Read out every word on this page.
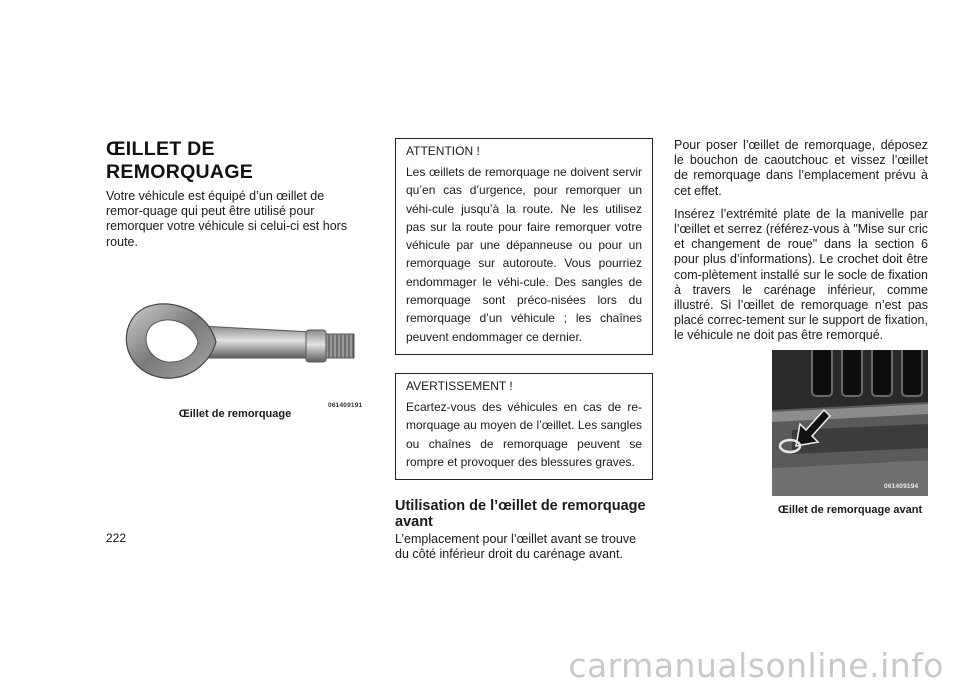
ŒILLET DE REMORQUAGE

Votre véhicule est équipé d’un œillet de remor-quage qui peut être utilisé pour remorquer votre véhicule si celui-ci est hors route.

061409191
Œillet de remorquage
ATTENTION !

Les œillets de remorquage ne doivent servir qu’en cas d’urgence, pour remorquer un véhi-cule jusqu’à la route. Ne les utilisez pas sur la route pour faire remorquer votre véhicule par une dépanneuse ou pour un remorquage sur autoroute. Vous pourriez endommager le véhi-cule. Des sangles de remorquage sont préco-nisées lors du remorquage d’un véhicule ; les chaînes peuvent endommager ce dernier.

AVERTISSEMENT !

Ecartez-vous des véhicules en cas de re-morquage au moyen de l’œillet. Les sangles ou chaînes de remorquage peuvent se rompre et provoquer des blessures graves.

Utilisation de l’œillet de remorquage avant

L’emplacement pour l’œillet avant se trouve du côté inférieur droit du carénage avant.

Pour poser l’œillet de remorquage, déposez le bouchon de caoutchouc et vissez l’œillet de remorquage dans l’emplacement prévu à cet effet.

Insérez l’extrémité plate de la manivelle par l’œillet et serrez (référez-vous à "Mise sur cric et changement de roue" dans la section 6 pour plus d’informations). Le crochet doit être com-plètement installé sur le socle de fixation à travers le carénage inférieur, comme illustré. Si l’œillet de remorquage n’est pas placé correc-tement sur le support de fixation, le véhicule ne doit pas être remorqué.

061409194
Œillet de remorquage avant
222
carmanualsonline.info
